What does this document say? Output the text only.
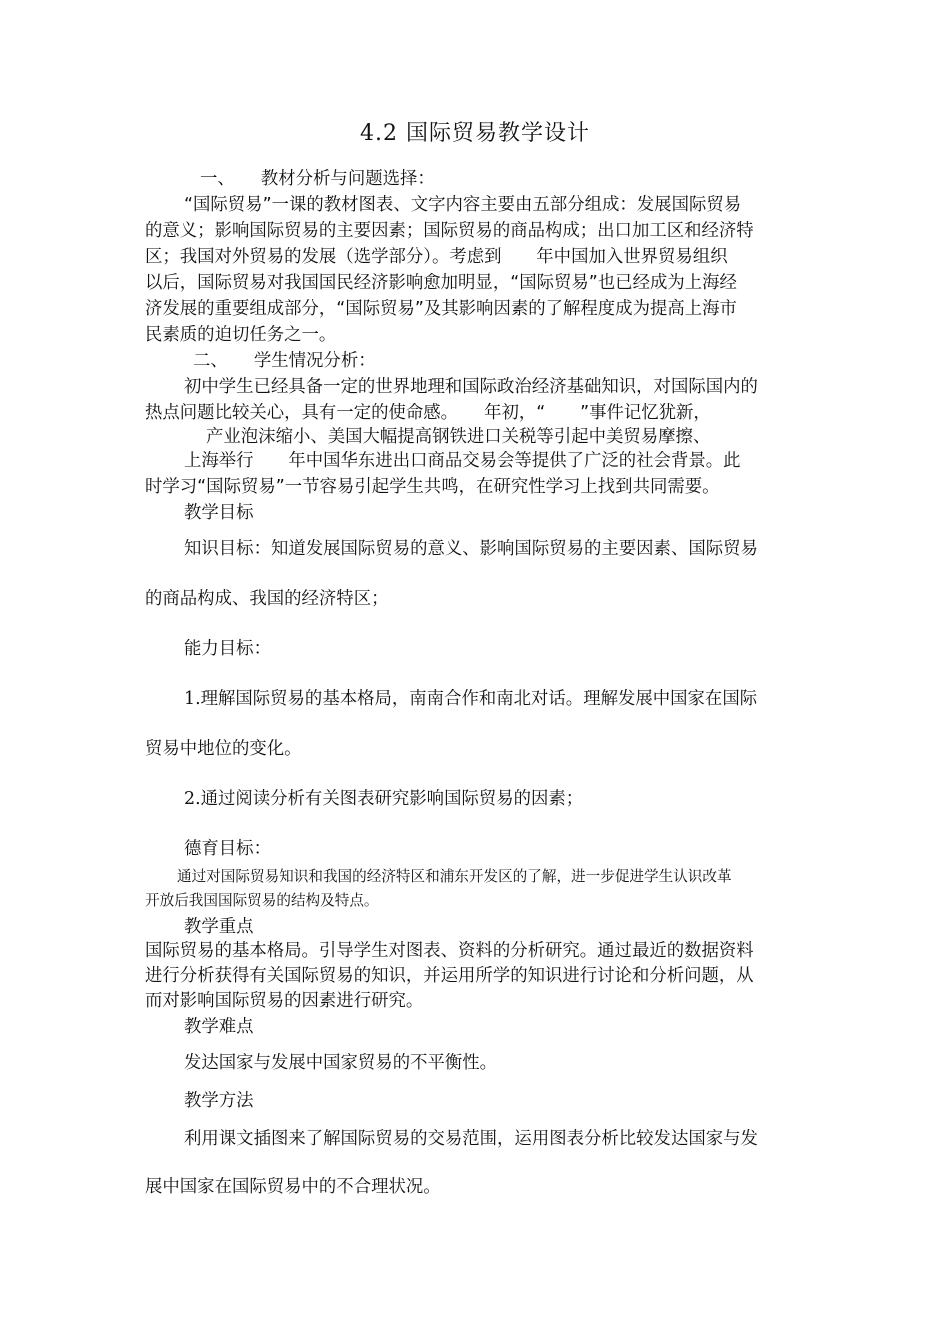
4.2 国际贸易教学设计
一、　　教材分析与问题选择：
“国际贸易”一课的教材图表、文字内容主要由五部分组成：发展国际贸易
的意义；影响国际贸易的主要因素；国际贸易的商品构成；出口加工区和经济特
区；我国对外贸易的发展（选学部分）。考虑到　　年中国加入世界贸易组织
以后，国际贸易对我国国民经济影响愈加明显，“国际贸易”也已经成为上海经
济发展的重要组成部分，“国际贸易”及其影响因素的了解程度成为提高上海市
民素质的迫切任务之一。
二、　　学生情况分析：
初中学生已经具备一定的世界地理和国际政治经济基础知识，对国际国内的
热点问题比较关心，具有一定的使命感。　　年初，“　　”事件记忆犹新，
产业泡沫缩小、美国大幅提高钢铁进口关税等引起中美贸易摩擦、
上海举行　　年中国华东进出口商品交易会等提供了广泛的社会背景。此
时学习“国际贸易”一节容易引起学生共鸣，在研究性学习上找到共同需要。
教学目标
知识目标：知道发展国际贸易的意义、影响国际贸易的主要因素、国际贸易
的商品构成、我国的经济特区；
能力目标：
1.理解国际贸易的基本格局，南南合作和南北对话。理解发展中国家在国际
贸易中地位的变化。
2.通过阅读分析有关图表研究影响国际贸易的因素；
德育目标：
通过对国际贸易知识和我国的经济特区和浦东开发区的了解，进一步促进学生认识改革
开放后我国国际贸易的结构及特点。
教学重点
国际贸易的基本格局。引导学生对图表、资料的分析研究。通过最近的数据资料
进行分析获得有关国际贸易的知识，并运用所学的知识进行讨论和分析问题，从
而对影响国际贸易的因素进行研究。
教学难点
发达国家与发展中国家贸易的不平衡性。
教学方法
利用课文插图来了解国际贸易的交易范围，运用图表分析比较发达国家与发
展中国家在国际贸易中的不合理状况。
